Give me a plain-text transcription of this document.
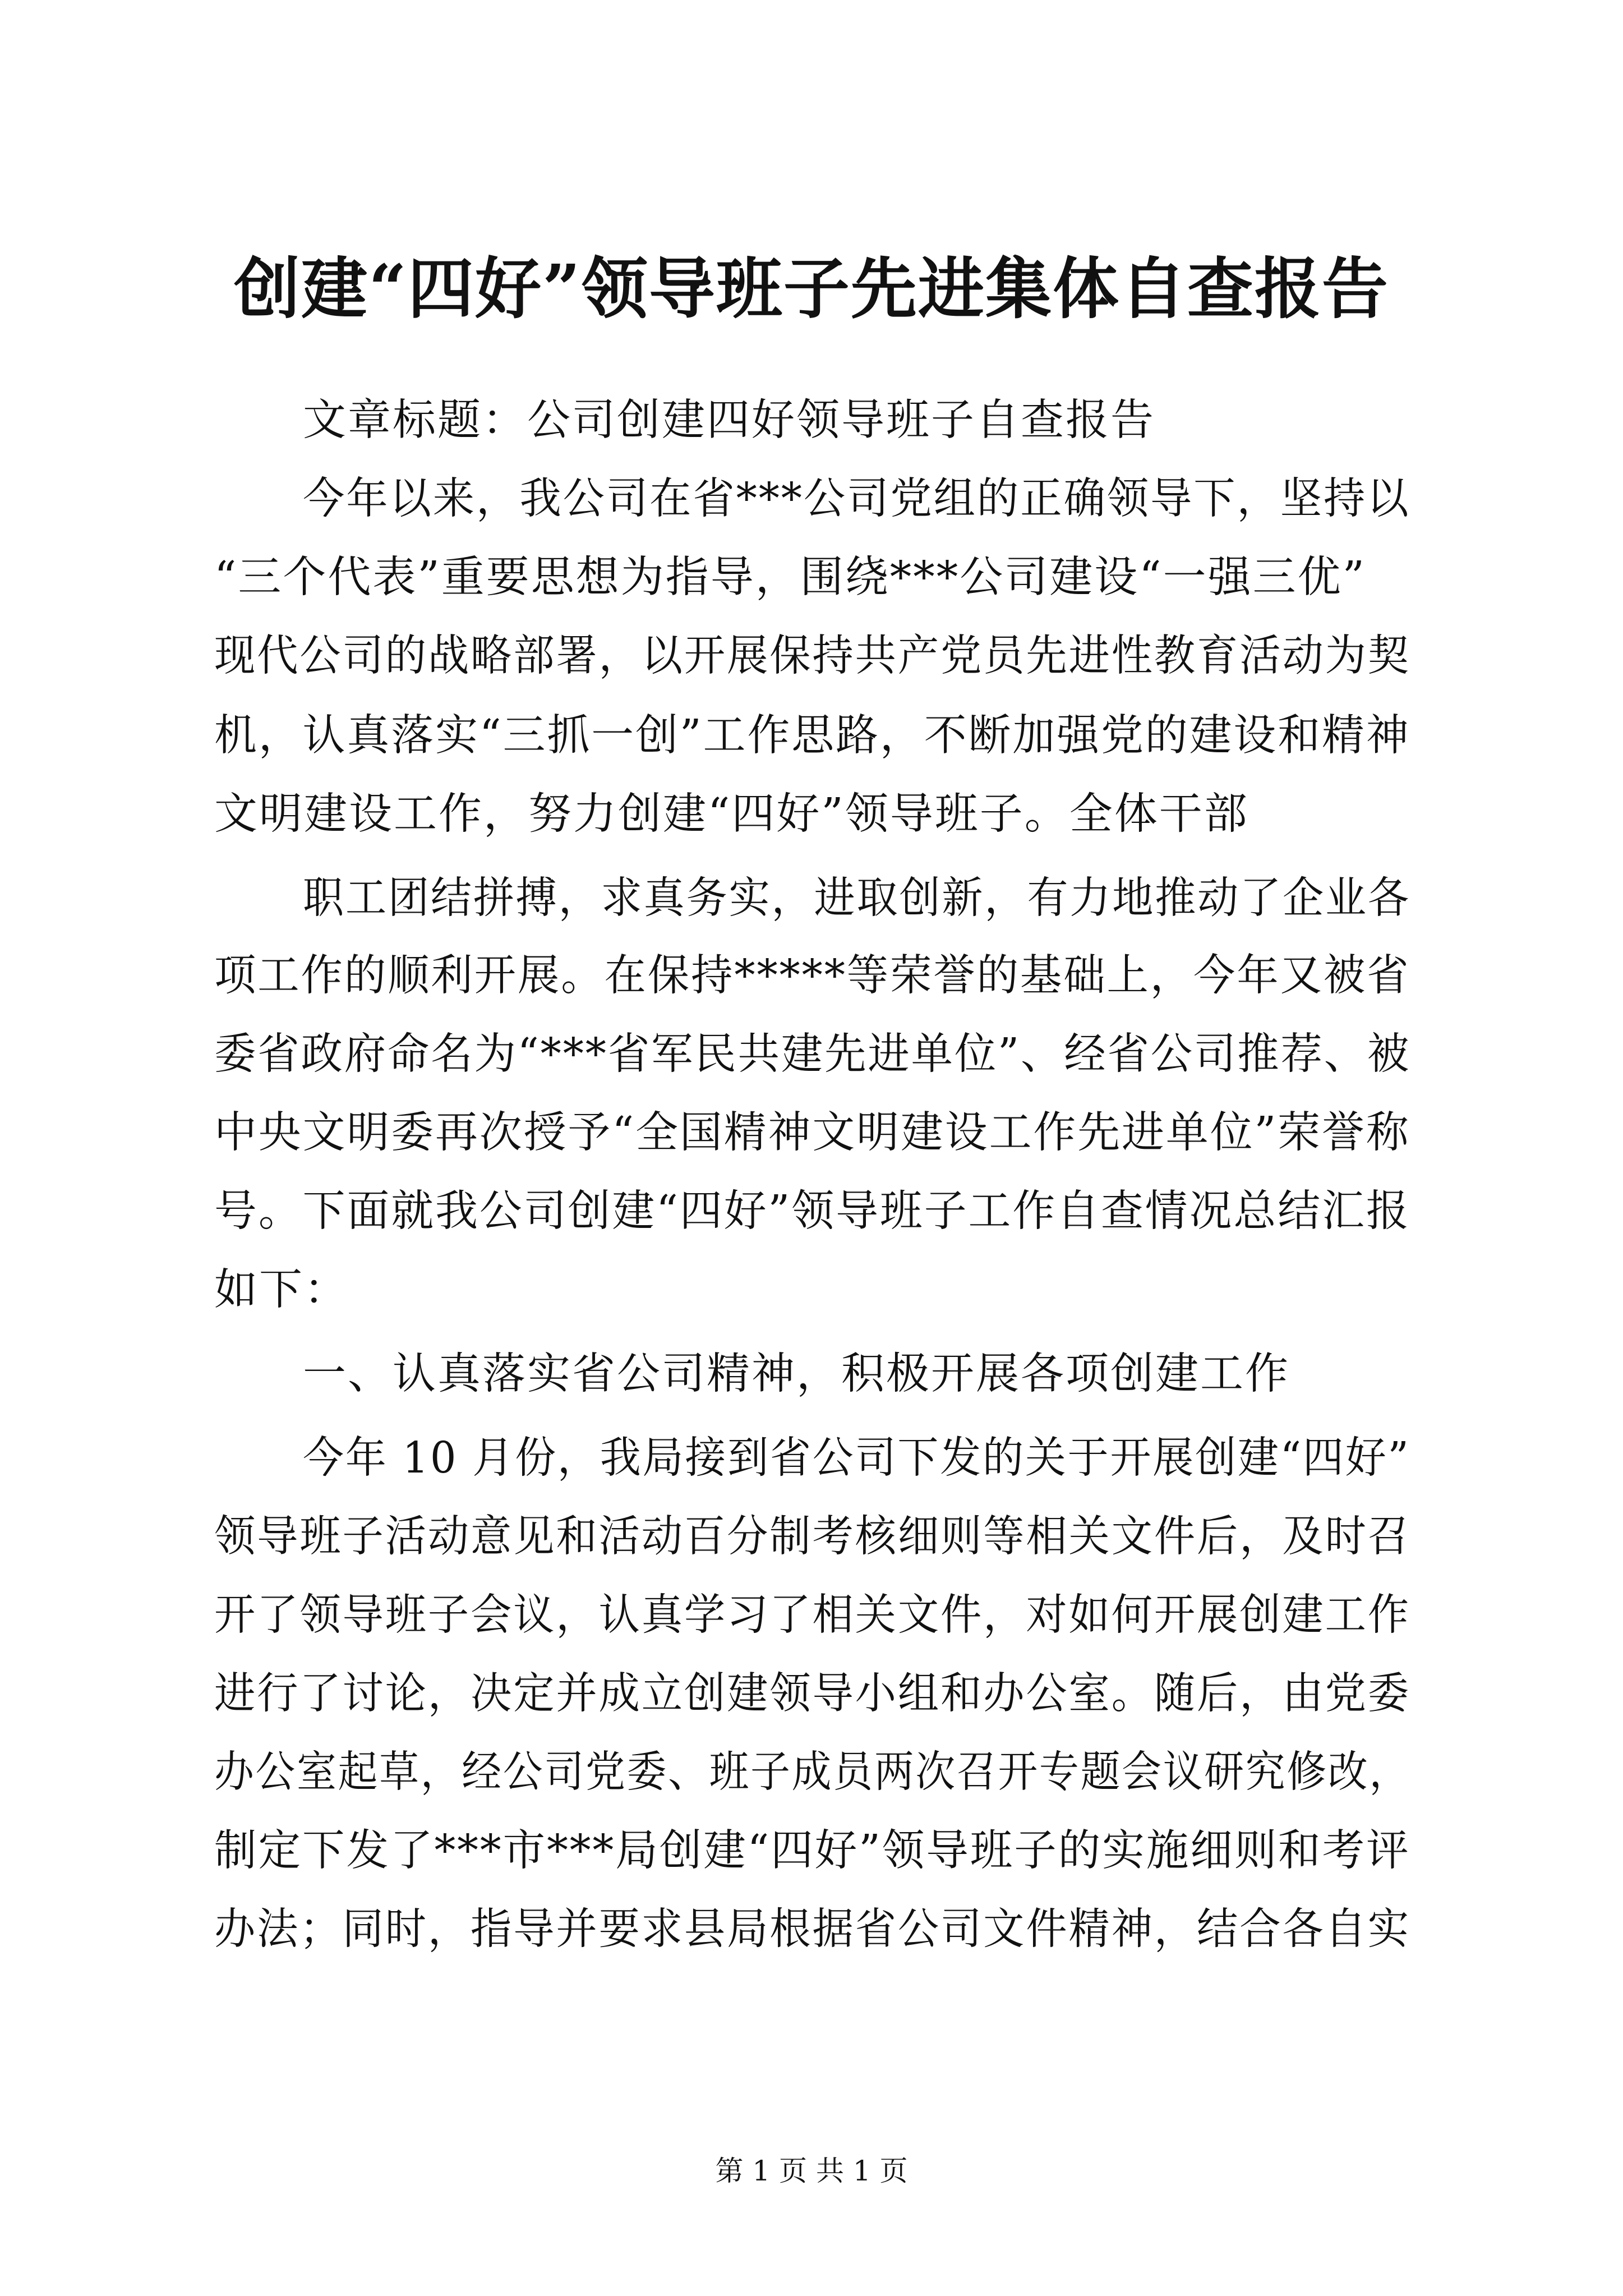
创建“四好”领导班子先进集体自查报告
文章标题：公司创建四好领导班子自查报告
今年以来，我公司在省***公司党组的正确领导下，坚持以
“三个代表”重要思想为指导，围绕***公司建设“一强三优”
现代公司的战略部署，以开展保持共产党员先进性教育活动为契
机，认真落实“三抓一创”工作思路，不断加强党的建设和精神
文明建设工作，努力创建“四好”领导班子。全体干部
职工团结拼搏，求真务实，进取创新，有力地推动了企业各
项工作的顺利开展。在保持*****等荣誉的基础上，今年又被省
委省政府命名为“***省军民共建先进单位”、经省公司推荐、被
中央文明委再次授予“全国精神文明建设工作先进单位”荣誉称
号。下面就我公司创建“四好”领导班子工作自查情况总结汇报
如下：
一、认真落实省公司精神，积极开展各项创建工作
今年 10 月份，我局接到省公司下发的关于开展创建“四好”
领导班子活动意见和活动百分制考核细则等相关文件后，及时召
开了领导班子会议，认真学习了相关文件，对如何开展创建工作
进行了讨论，决定并成立创建领导小组和办公室。随后，由党委
办公室起草，经公司党委、班子成员两次召开专题会议研究修改，
制定下发了***市***局创建“四好”领导班子的实施细则和考评
办法；同时，指导并要求县局根据省公司文件精神，结合各自实
第 1 页 共 1 页
